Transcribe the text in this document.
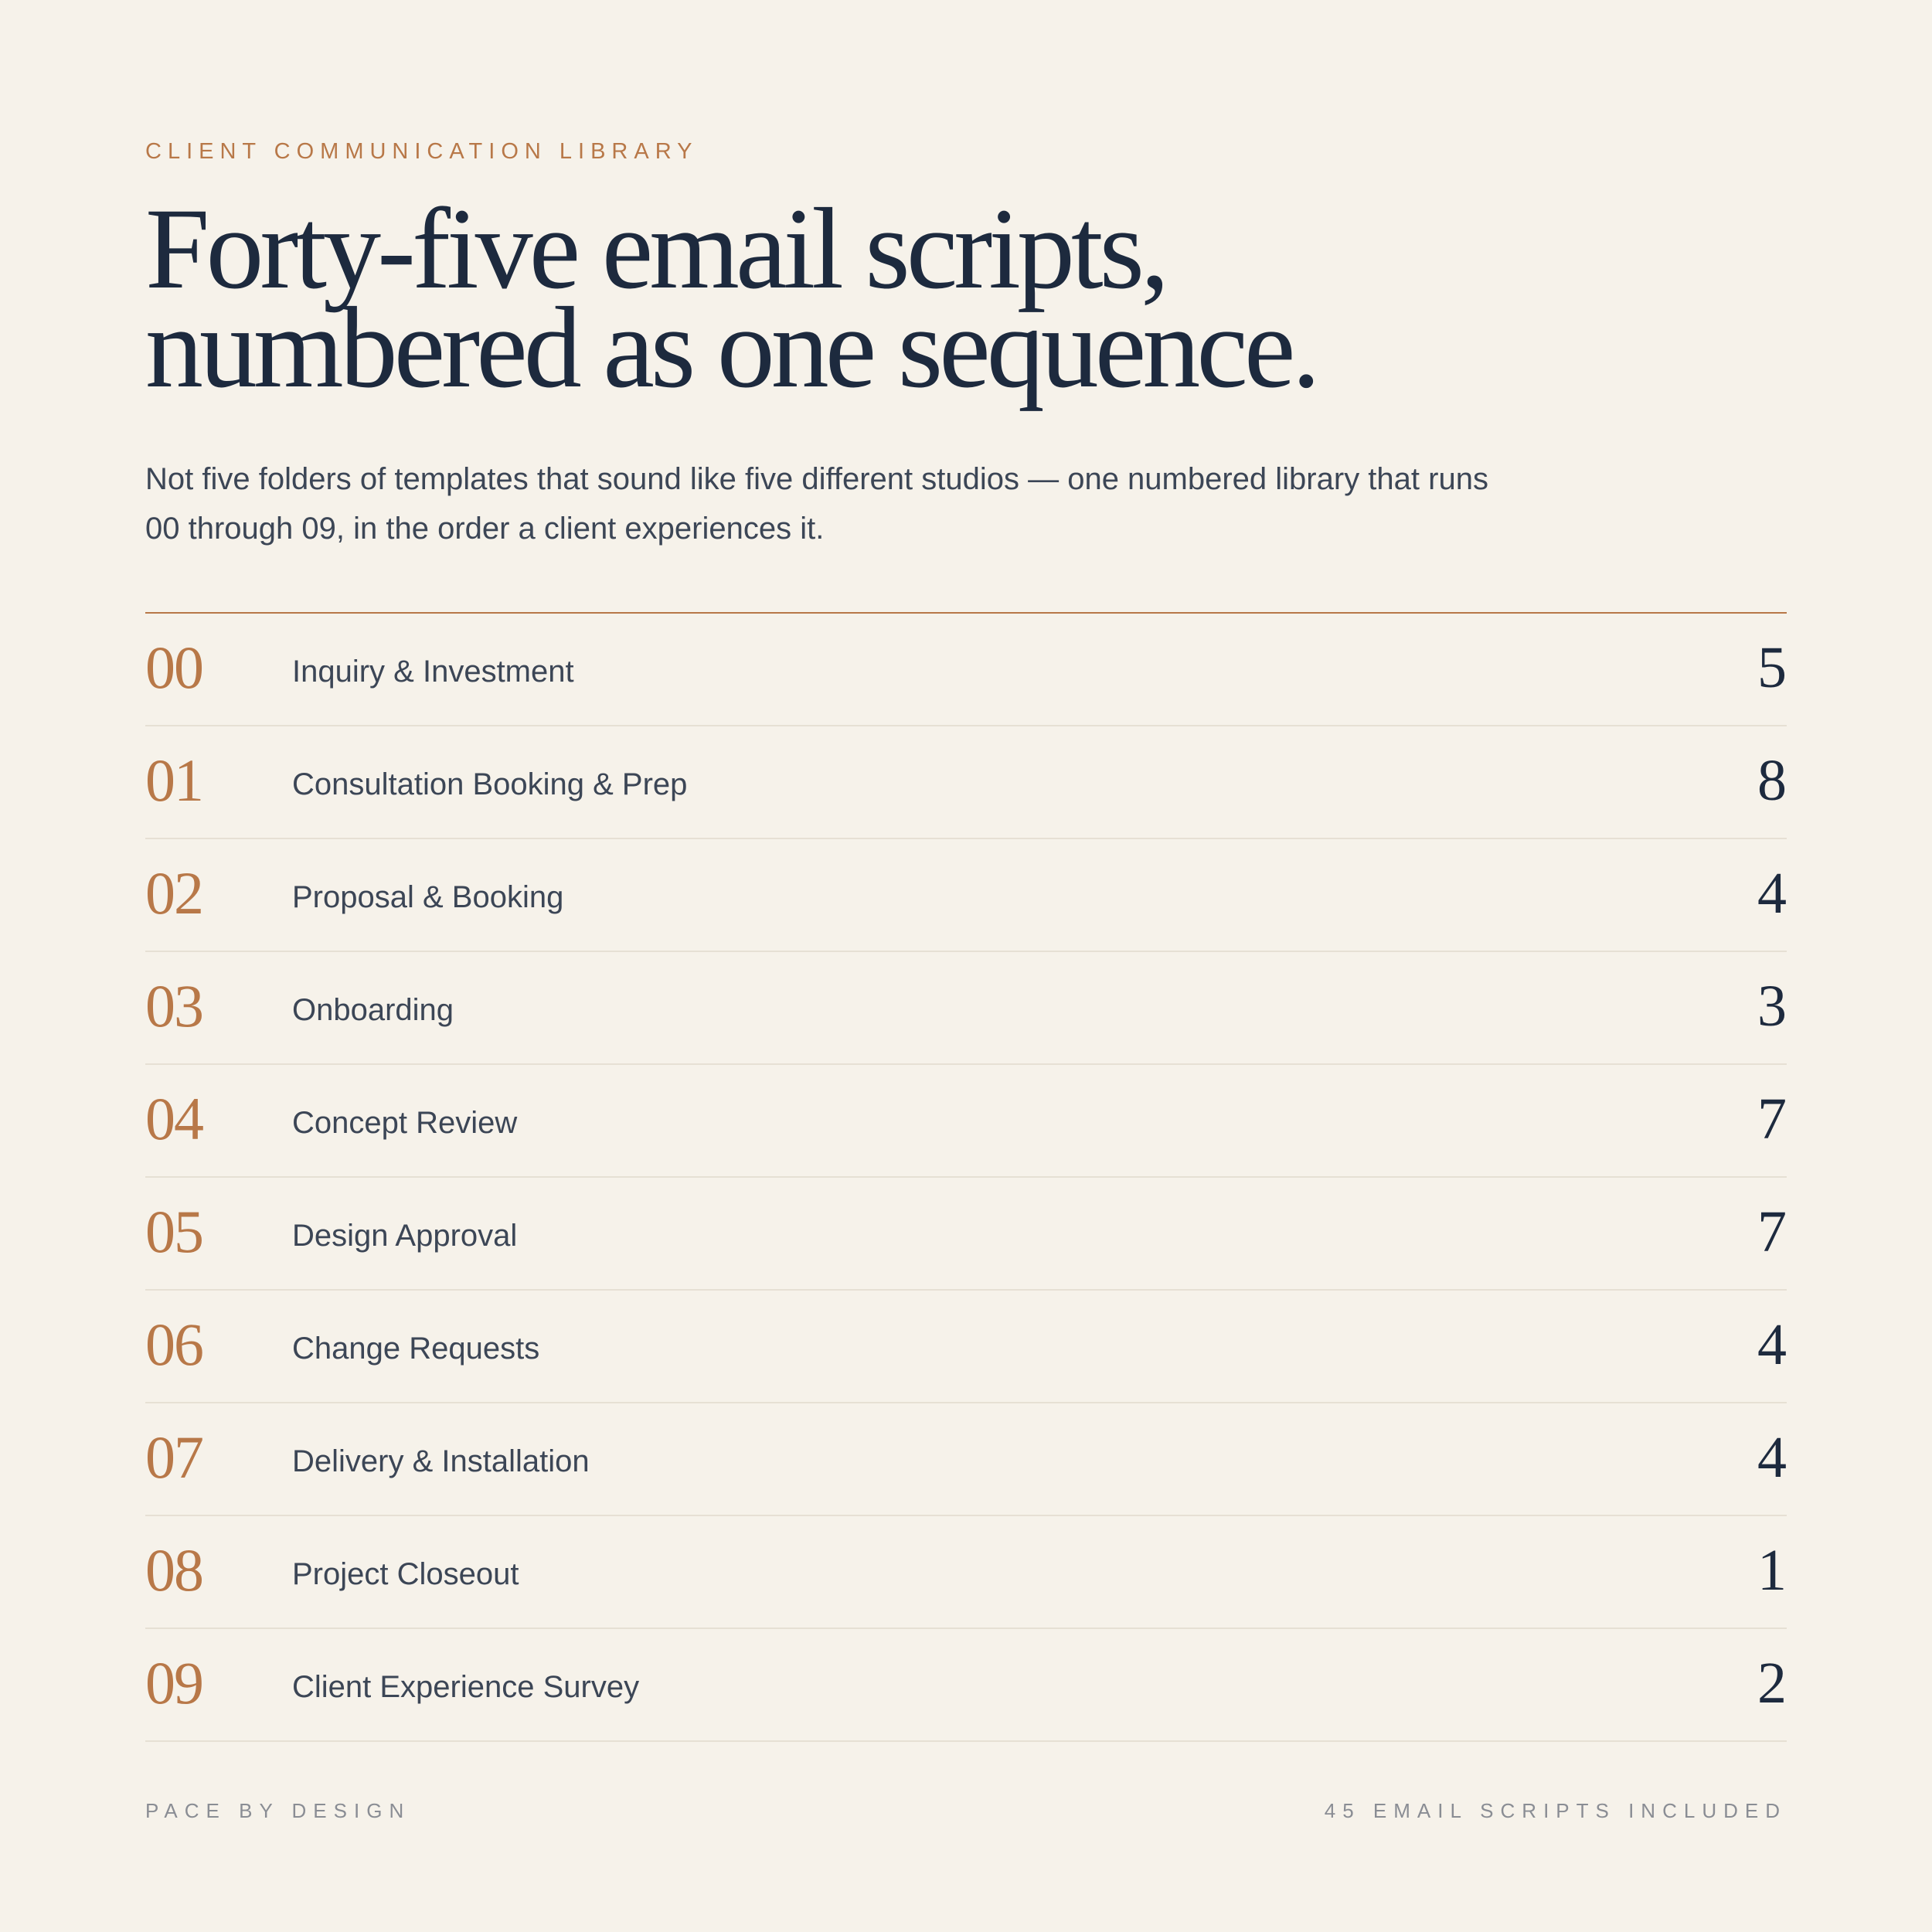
CLIENT COMMUNICATION LIBRARY
Forty-five email scripts,
numbered as one sequence.

Not five folders of templates that sound like five different studios — one numbered library that runs
00 through 09, in the order a client experiences it.

00	Inquiry & Investment	5
01	Consultation Booking & Prep	8
02	Proposal & Booking	4
03	Onboarding	3
04	Concept Review	7
05	Design Approval	7
06	Change Requests	4
07	Delivery & Installation	4
08	Project Closeout	1
09	Client Experience Survey	2
PACE BY DESIGN	45 EMAIL SCRIPTS INCLUDED
